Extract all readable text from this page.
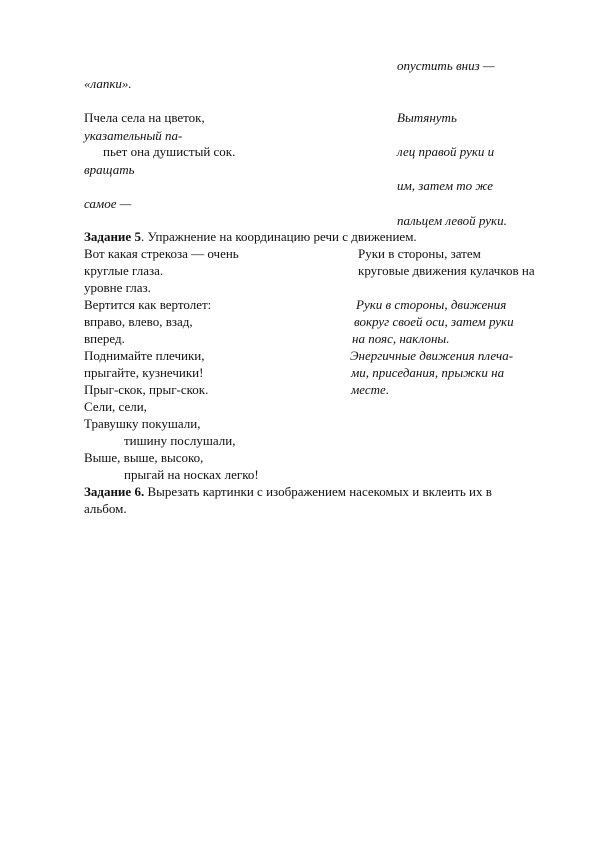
опустить вниз —
«лапки».
Пчела села на цветок,	Вытянуть
указательный па-
пьет она душистый сок.	лец правой руки и
вращать
им, затем то же
самое —
пальцем левой руки.
Задание 5. Упражнение на координацию речи с движением.
Вот какая стрекоза — очень
круглые глаза.
уровне глаз.
Вертится как вертолет:
вправо, влево, взад,
вперед.
Поднимайте плечики,
прыгайте, кузнечики!
Прыг-скок, прыг-скок.
Сели, сели,
Травушку покушали,
тишину послушали,
Выше, выше, высоко,
прыгай на носках легко!
Руки в стороны, затем
круговые движения кулачков на
Руки в стороны, движения
вокруг своей оси, затем руки
на пояс, наклоны.
Энергичные движения плеча-
ми, приседания, прыжки на
месте.
Задание 6. Вырезать картинки с изображением насекомых и вклеить их в
альбом.
